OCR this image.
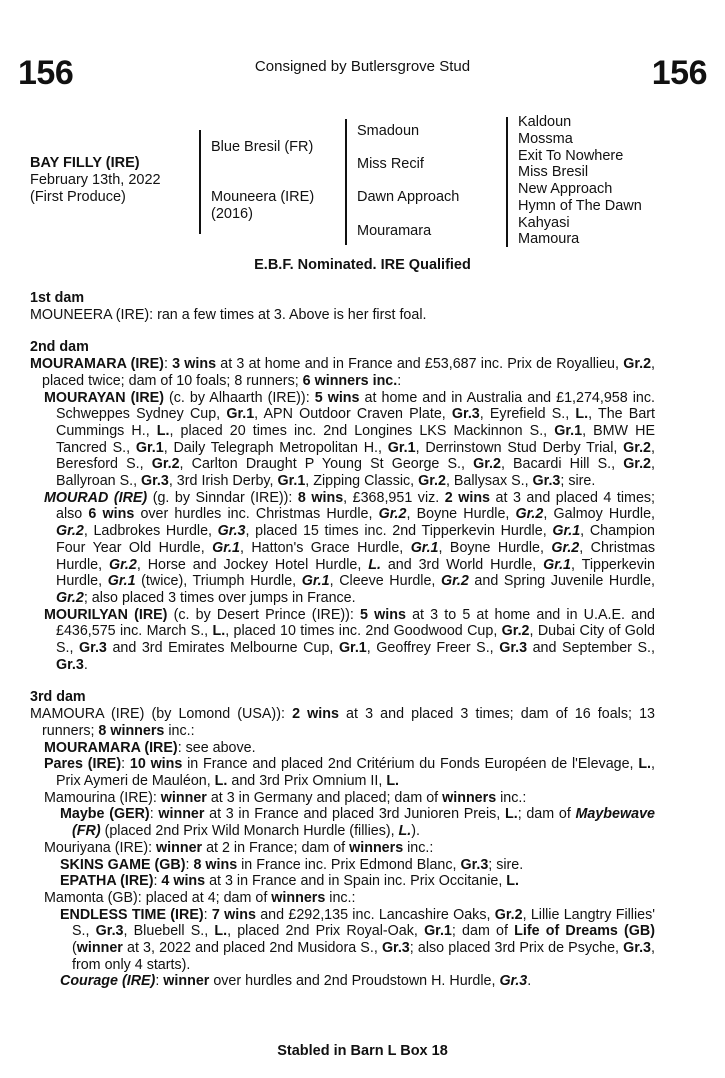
156	Consigned by Butlersgrove Stud	156
BAY FILLY (IRE)
February 13th, 2022
(First Produce)
Blue Bresil (FR)
Mouneera (IRE)
(2016)
Smadoun
Miss Recif
Dawn Approach
Mouramara
Kaldoun
Mossma
Exit To Nowhere
Miss Bresil
New Approach
Hymn of The Dawn
Kahyasi
Mamoura
E.B.F. Nominated. IRE Qualified
1st dam

MOUNEERA (IRE): ran a few times at 3. Above is her first foal.

2nd dam

MOURAMARA (IRE): 3 wins at 3 at home and in France and £53,687 inc. Prix de Royallieu, Gr.2, placed twice; dam of 10 foals; 8 runners; 6 winners inc.:

MOURAYAN (IRE) (c. by Alhaarth (IRE)): 5 wins at home and in Australia and £1,274,958 inc. Schweppes Sydney Cup, Gr.1, APN Outdoor Craven Plate, Gr.3, Eyrefield S., L., The Bart Cummings H., L., placed 20 times inc. 2nd Longines LKS Mackinnon S., Gr.1, BMW HE Tancred S., Gr.1, Daily Telegraph Metropolitan H., Gr.1, Derrinstown Stud Derby Trial, Gr.2, Beresford S., Gr.2, Carlton Draught P Young St George S., Gr.2, Bacardi Hill S., Gr.2, Ballyroan S., Gr.3, 3rd Irish Derby, Gr.1, Zipping Classic, Gr.2, Ballysax S., Gr.3; sire.

MOURAD (IRE) (g. by Sinndar (IRE)): 8 wins, £368,951 viz. 2 wins at 3 and placed 4 times; also 6 wins over hurdles inc. Christmas Hurdle, Gr.2, Boyne Hurdle, Gr.2, Galmoy Hurdle, Gr.2, Ladbrokes Hurdle, Gr.3, placed 15 times inc. 2nd Tipperkevin Hurdle, Gr.1, Champion Four Year Old Hurdle, Gr.1, Hatton's Grace Hurdle, Gr.1, Boyne Hurdle, Gr.2, Christmas Hurdle, Gr.2, Horse and Jockey Hotel Hurdle, L. and 3rd World Hurdle, Gr.1, Tipperkevin Hurdle, Gr.1 (twice), Triumph Hurdle, Gr.1, Cleeve Hurdle, Gr.2 and Spring Juvenile Hurdle, Gr.2; also placed 3 times over jumps in France.

MOURILYAN (IRE) (c. by Desert Prince (IRE)): 5 wins at 3 to 5 at home and in U.A.E. and £436,575 inc. March S., L., placed 10 times inc. 2nd Goodwood Cup, Gr.2, Dubai City of Gold S., Gr.3 and 3rd Emirates Melbourne Cup, Gr.1, Geoffrey Freer S., Gr.3 and September S., Gr.3.

3rd dam

MAMOURA (IRE) (by Lomond (USA)): 2 wins at 3 and placed 3 times; dam of 16 foals; 13 runners; 8 winners inc.:

MOURAMARA (IRE): see above.

Pares (IRE): 10 wins in France and placed 2nd Critérium du Fonds Européen de l'Elevage, L., Prix Aymeri de Mauléon, L. and 3rd Prix Omnium II, L.

Mamourina (IRE): winner at 3 in Germany and placed; dam of winners inc.:

Maybe (GER): winner at 3 in France and placed 3rd Junioren Preis, L.; dam of Maybewave (FR) (placed 2nd Prix Wild Monarch Hurdle (fillies), L.).

Mouriyana (IRE): winner at 2 in France; dam of winners inc.:

SKINS GAME (GB): 8 wins in France inc. Prix Edmond Blanc, Gr.3; sire.

EPATHA (IRE): 4 wins at 3 in France and in Spain inc. Prix Occitanie, L.

Mamonta (GB): placed at 4; dam of winners inc.:

ENDLESS TIME (IRE): 7 wins and £292,135 inc. Lancashire Oaks, Gr.2, Lillie Langtry Fillies' S., Gr.3, Bluebell S., L., placed 2nd Prix Royal-Oak, Gr.1; dam of Life of Dreams (GB) (winner at 3, 2022 and placed 2nd Musidora S., Gr.3; also placed 3rd Prix de Psyche, Gr.3, from only 4 starts).

Courage (IRE): winner over hurdles and 2nd Proudstown H. Hurdle, Gr.3.

Stabled in Barn L Box 18
